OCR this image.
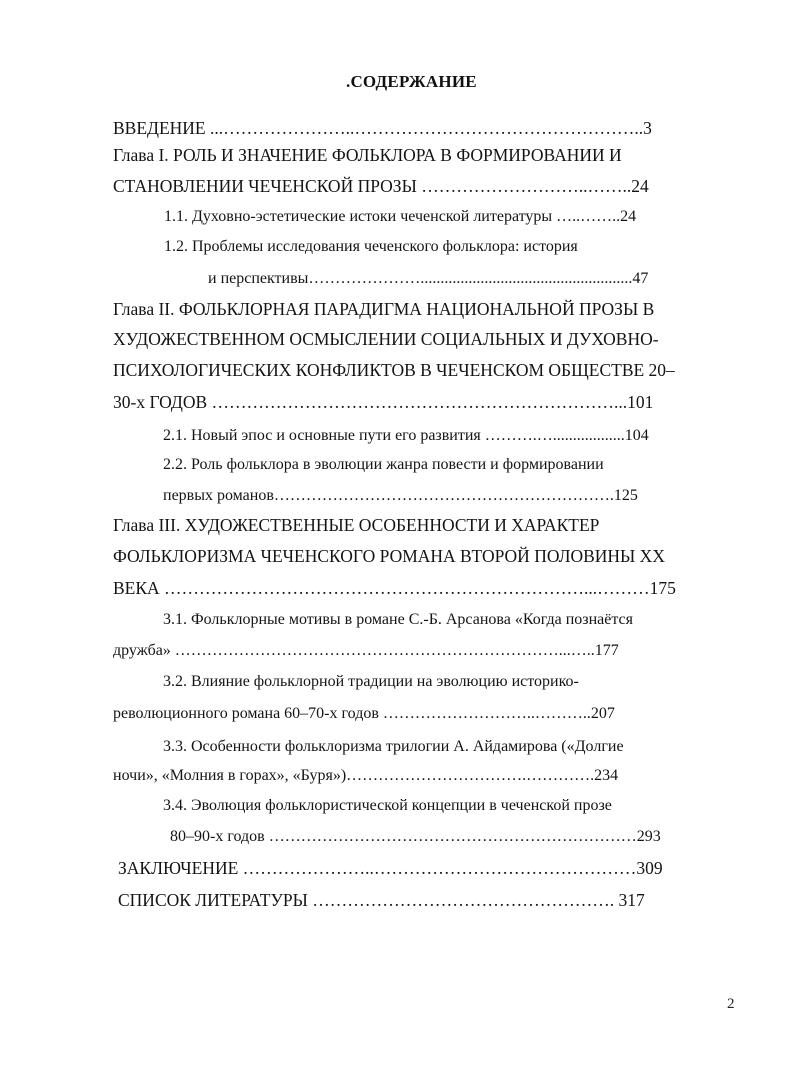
.СОДЕРЖАНИЕ
ВВЕДЕНИЕ ...…………………..…………………………………………..3
Глава I. РОЛЬ И ЗНАЧЕНИЕ ФОЛЬКЛОРА В ФОРМИРОВАНИИ И
СТАНОВЛЕНИИ ЧЕЧЕНСКОЙ ПРОЗЫ ………………………..……..24
1.1. Духовно-эстетические истоки чеченской литературы …..……..24
1.2. Проблемы исследования чеченского фольклора: история
и перспективы………………….....................................................47
Глава II. ФОЛЬКЛОРНАЯ ПАРАДИГМА НАЦИОНАЛЬНОЙ ПРОЗЫ В
ХУДОЖЕСТВЕННОМ ОСМЫСЛЕНИИ СОЦИАЛЬНЫХ И ДУХОВНО-
ПСИХОЛОГИЧЕСКИХ КОНФЛИКТОВ В ЧЕЧЕНСКОМ ОБЩЕСТВЕ 20–
30-х ГОДОВ ……………………………………………………………...101
2.1. Новый эпос и основные пути его развития ……….…..................104
2.2. Роль фольклора в эволюции жанра повести и формировании
первых романов……………………………………………………….125
Глава III. ХУДОЖЕСТВЕННЫЕ ОСОБЕННОСТИ И ХАРАКТЕР
ФОЛЬКЛОРИЗМА ЧЕЧЕНСКОГО РОМАНА ВТОРОЙ ПОЛОВИНЫ XX
ВЕКА ………………………………………………………………...………175
3.1. Фольклорные мотивы в романе С.-Б. Арсанова «Когда познаётся
дружба» ………………………………………………………………...…..177
3.2. Влияние фольклорной традиции на эволюцию историко-
революционного романа 60–70-х годов ………………………..………..207
3.3. Особенности фольклоризма трилогии А. Айдамирова («Долгие
ночи», «Молния в горах», «Буря»)…………………………….………….234
3.4. Эволюция фольклористической концепции в чеченской прозе
80–90-х годов ……………………………………………………………293
ЗАКЛЮЧЕНИЕ …………………..………………………………………309
СПИСОК ЛИТЕРАТУРЫ ……………………………………………. 317
2
